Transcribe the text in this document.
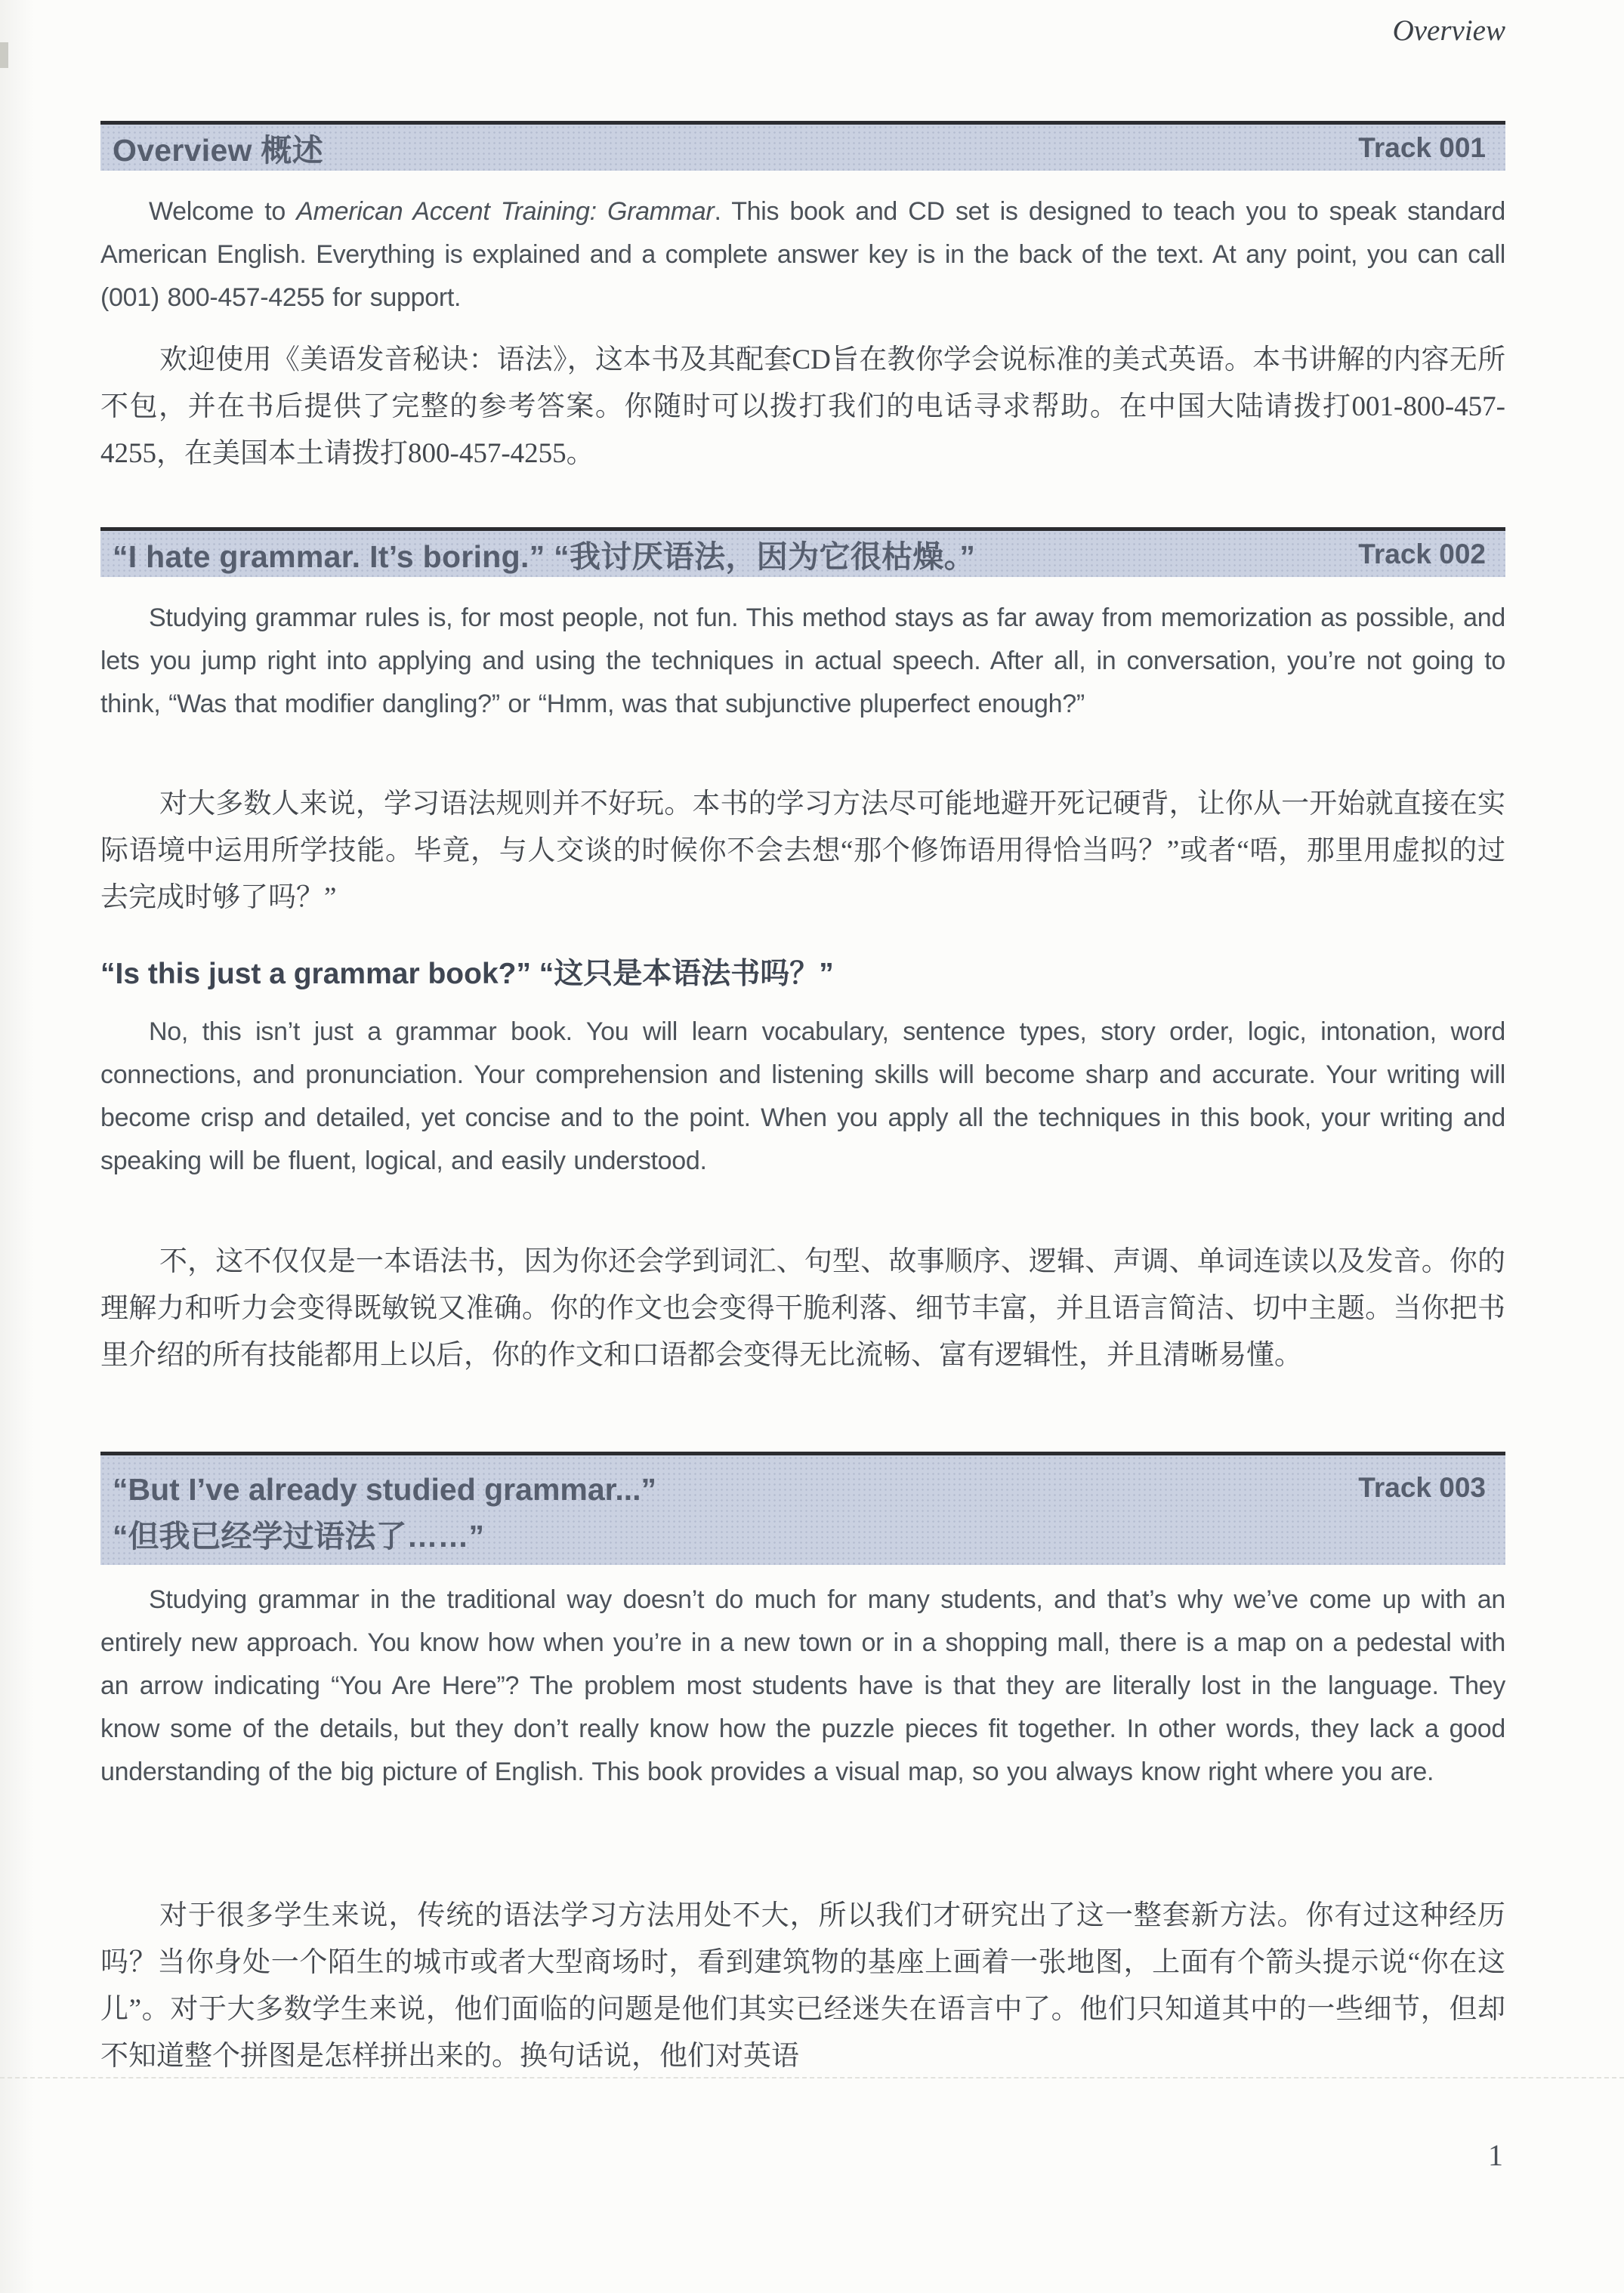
Overview
Overview 概述	Track 001

Welcome to American Accent Training: Grammar. This book and CD set is designed to teach you to speak standard American English. Everything is explained and a complete answer key is in the back of the text. At any point, you can call (001) 800-457-4255 for support.

欢迎使用《美语发音秘诀：语法》，这本书及其配套CD旨在教你学会说标准的美式英语。本书讲解的内容无所不包，并在书后提供了完整的参考答案。你随时可以拨打我们的电话寻求帮助。在中国大陆请拨打001-800-457-4255，在美国本土请拨打800-457-4255。

“I hate grammar. It’s boring.” “我讨厌语法，因为它很枯燥。”	Track 002

Studying grammar rules is, for most people, not fun. This method stays as far away from memorization as possible, and lets you jump right into applying and using the techniques in actual speech. After all, in conversation, you’re not going to think, “Was that modifier dangling?” or “Hmm, was that subjunctive pluperfect enough?”

对大多数人来说，学习语法规则并不好玩。本书的学习方法尽可能地避开死记硬背，让你从一开始就直接在实际语境中运用所学技能。毕竟，与人交谈的时候你不会去想“那个修饰语用得恰当吗？”或者“唔，那里用虚拟的过去完成时够了吗？”

“Is this just a grammar book?” “这只是本语法书吗？”

No, this isn’t just a grammar book. You will learn vocabulary, sentence types, story order, logic, intonation, word connections, and pronunciation. Your comprehension and listening skills will become sharp and accurate. Your writing will become crisp and detailed, yet concise and to the point. When you apply all the techniques in this book, your writing and speaking will be fluent, logical, and easily understood.

不，这不仅仅是一本语法书，因为你还会学到词汇、句型、故事顺序、逻辑、声调、单词连读以及发音。你的理解力和听力会变得既敏锐又准确。你的作文也会变得干脆利落、细节丰富，并且语言简洁、切中主题。当你把书里介绍的所有技能都用上以后，你的作文和口语都会变得无比流畅、富有逻辑性，并且清晰易懂。

“But I’ve already studied grammar...”
“但我已经学过语法了……”
Track 003

Studying grammar in the traditional way doesn’t do much for many students, and that’s why we’ve come up with an entirely new approach. You know how when you’re in a new town or in a shopping mall, there is a map on a pedestal with an arrow indicating “You Are Here”? The problem most students have is that they are literally lost in the language. They know some of the details, but they don’t really know how the puzzle pieces fit together. In other words, they lack a good understanding of the big picture of English. This book provides a visual map, so you always know right where you are.

对于很多学生来说，传统的语法学习方法用处不大，所以我们才研究出了这一整套新方法。你有过这种经历吗？当你身处一个陌生的城市或者大型商场时，看到建筑物的基座上画着一张地图，上面有个箭头提示说“你在这儿”。对于大多数学生来说，他们面临的问题是他们其实已经迷失在语言中了。他们只知道其中的一些细节，但却不知道整个拼图是怎样拼出来的。换句话说，他们对英语

1
